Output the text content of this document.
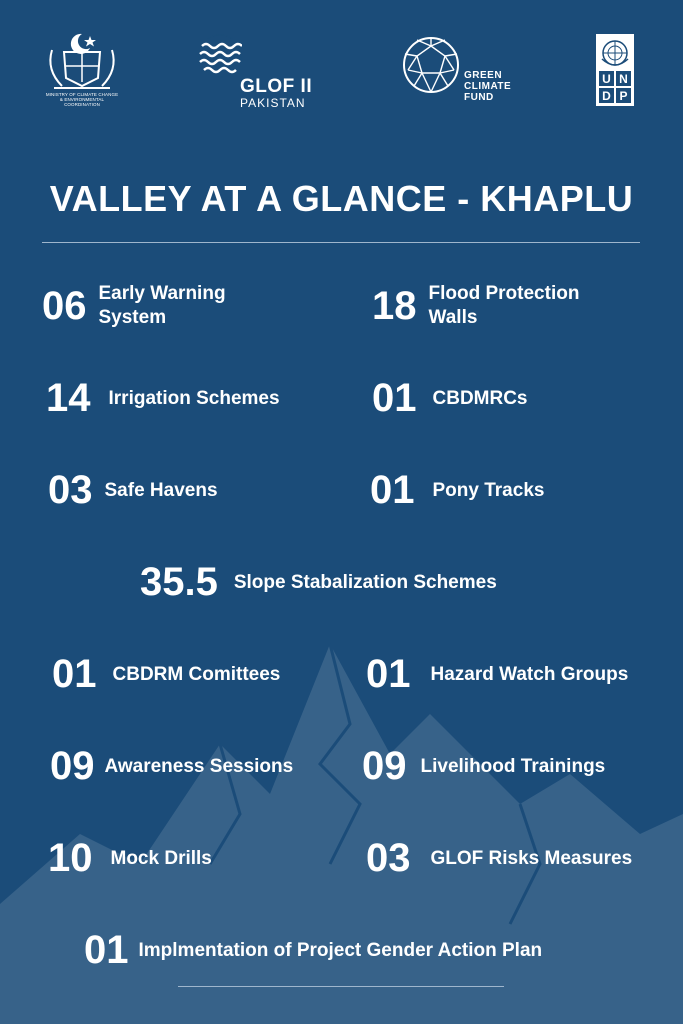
MINISTRY OF CLIMATE CHANGE
& ENVIRONMENTAL COORDINATION
GLOF II
PAKISTAN
GREEN
CLIMATE
FUND
U N
D P
VALLEY AT A GLANCE - KHAPLU
06 Early Warning System	18 Flood Protection Walls
14 Irrigation Schemes 01 CBDMRCs
03 Safe Havens	01 Pony Tracks
35.5 Slope Stabalization Schemes
01 CBDRM Comittees 01 Hazard Watch Groups
09 Awareness Sessions 09 Livelihood Trainings
10 Mock Drills	03 GLOF Risks Measures
01 Implmentation of Project Gender Action Plan
